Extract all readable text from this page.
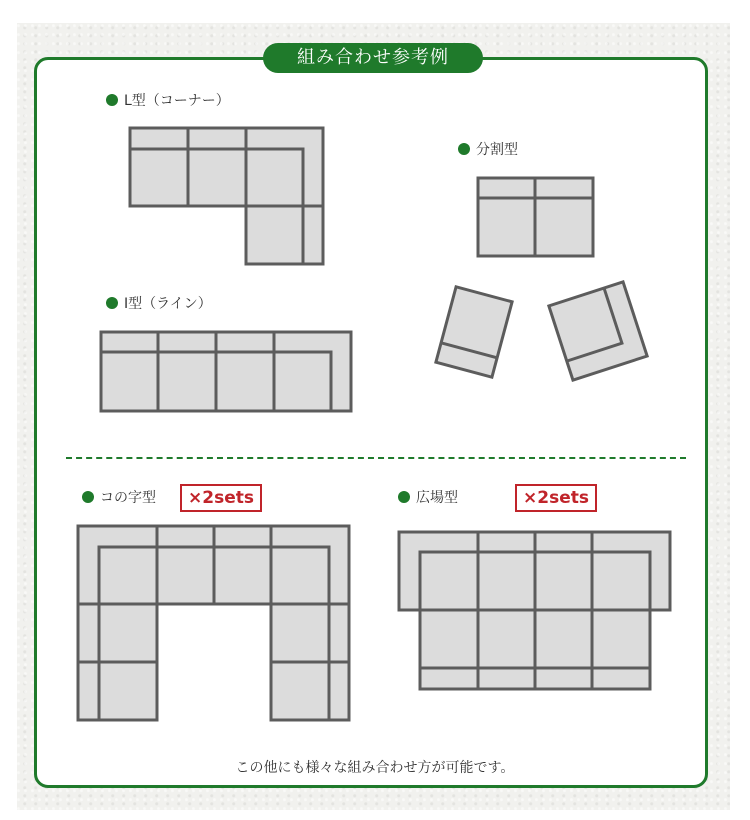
組み合わせ参考例
L型（コーナー）
分割型
I型（ライン）
コの字型	×2sets	広場型	×2sets
この他にも様々な組み合わせ方が可能です。
